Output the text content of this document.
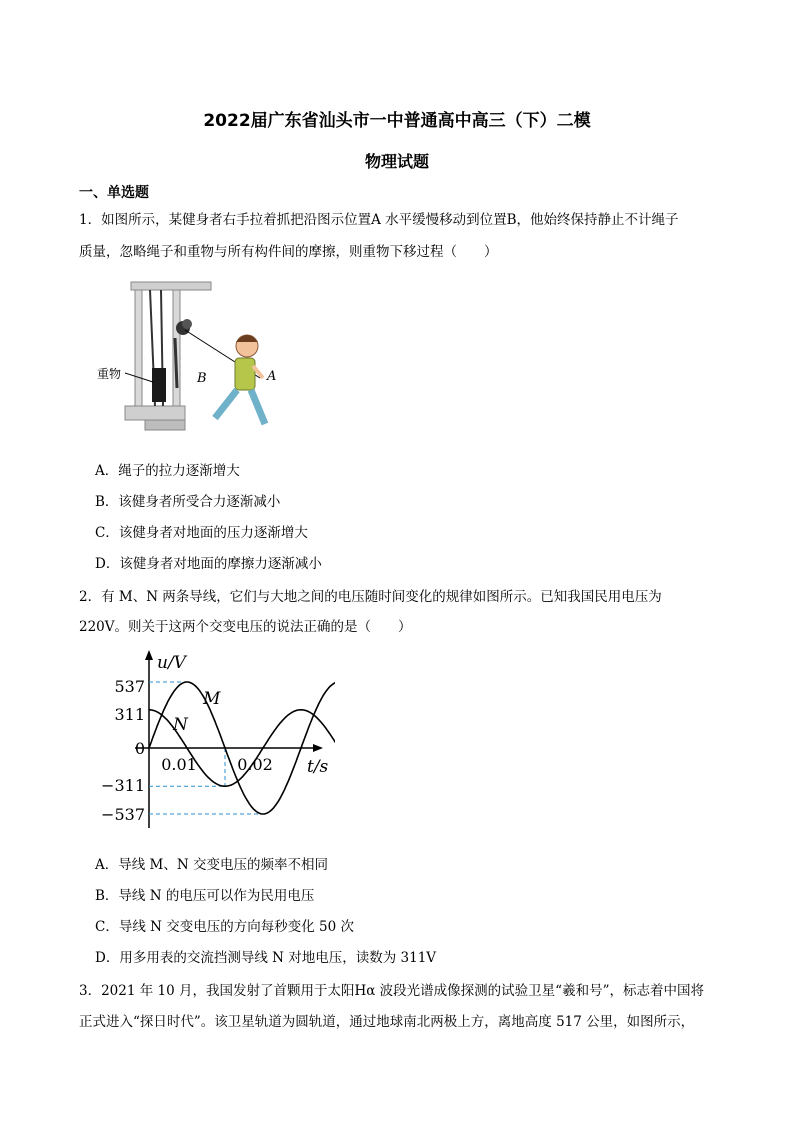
2022届广东省汕头市一中普通高中高三（下）二模
物理试题
一、单选题
1．如图所示，某健身者右手拉着抓把沿图示位置A 水平缓慢移动到位置B，他始终保持静止不计绳子
质量，忽略绳子和重物与所有构件间的摩擦，则重物下移过程（　　）
重物	B	A
A．绳子的拉力逐渐增大
B．该健身者所受合力逐渐减小
C．该健身者对地面的压力逐渐增大
D．该健身者对地面的摩擦力逐渐减小
2．有 M、N 两条导线，它们与大地之间的电压随时间变化的规律如图所示。已知我国民用电压为
220V。则关于这两个交变电压的说法正确的是（　　）
u/V
t/s
537
311
0
−311
−537
0.01	0.02
M
N
A．导线 M、N 交变电压的频率不相同
B．导线 N 的电压可以作为民用电压
C．导线 N 交变电压的方向每秒变化 50 次
D．用多用表的交流挡测导线 N 对地电压，读数为 311V
3．2021 年 10 月，我国发射了首颗用于太阳Hα 波段光谱成像探测的试验卫星“羲和号”，标志着中国将
正式进入“探日时代”。该卫星轨道为圆轨道，通过地球南北两极上方，离地高度 517 公里，如图所示，
